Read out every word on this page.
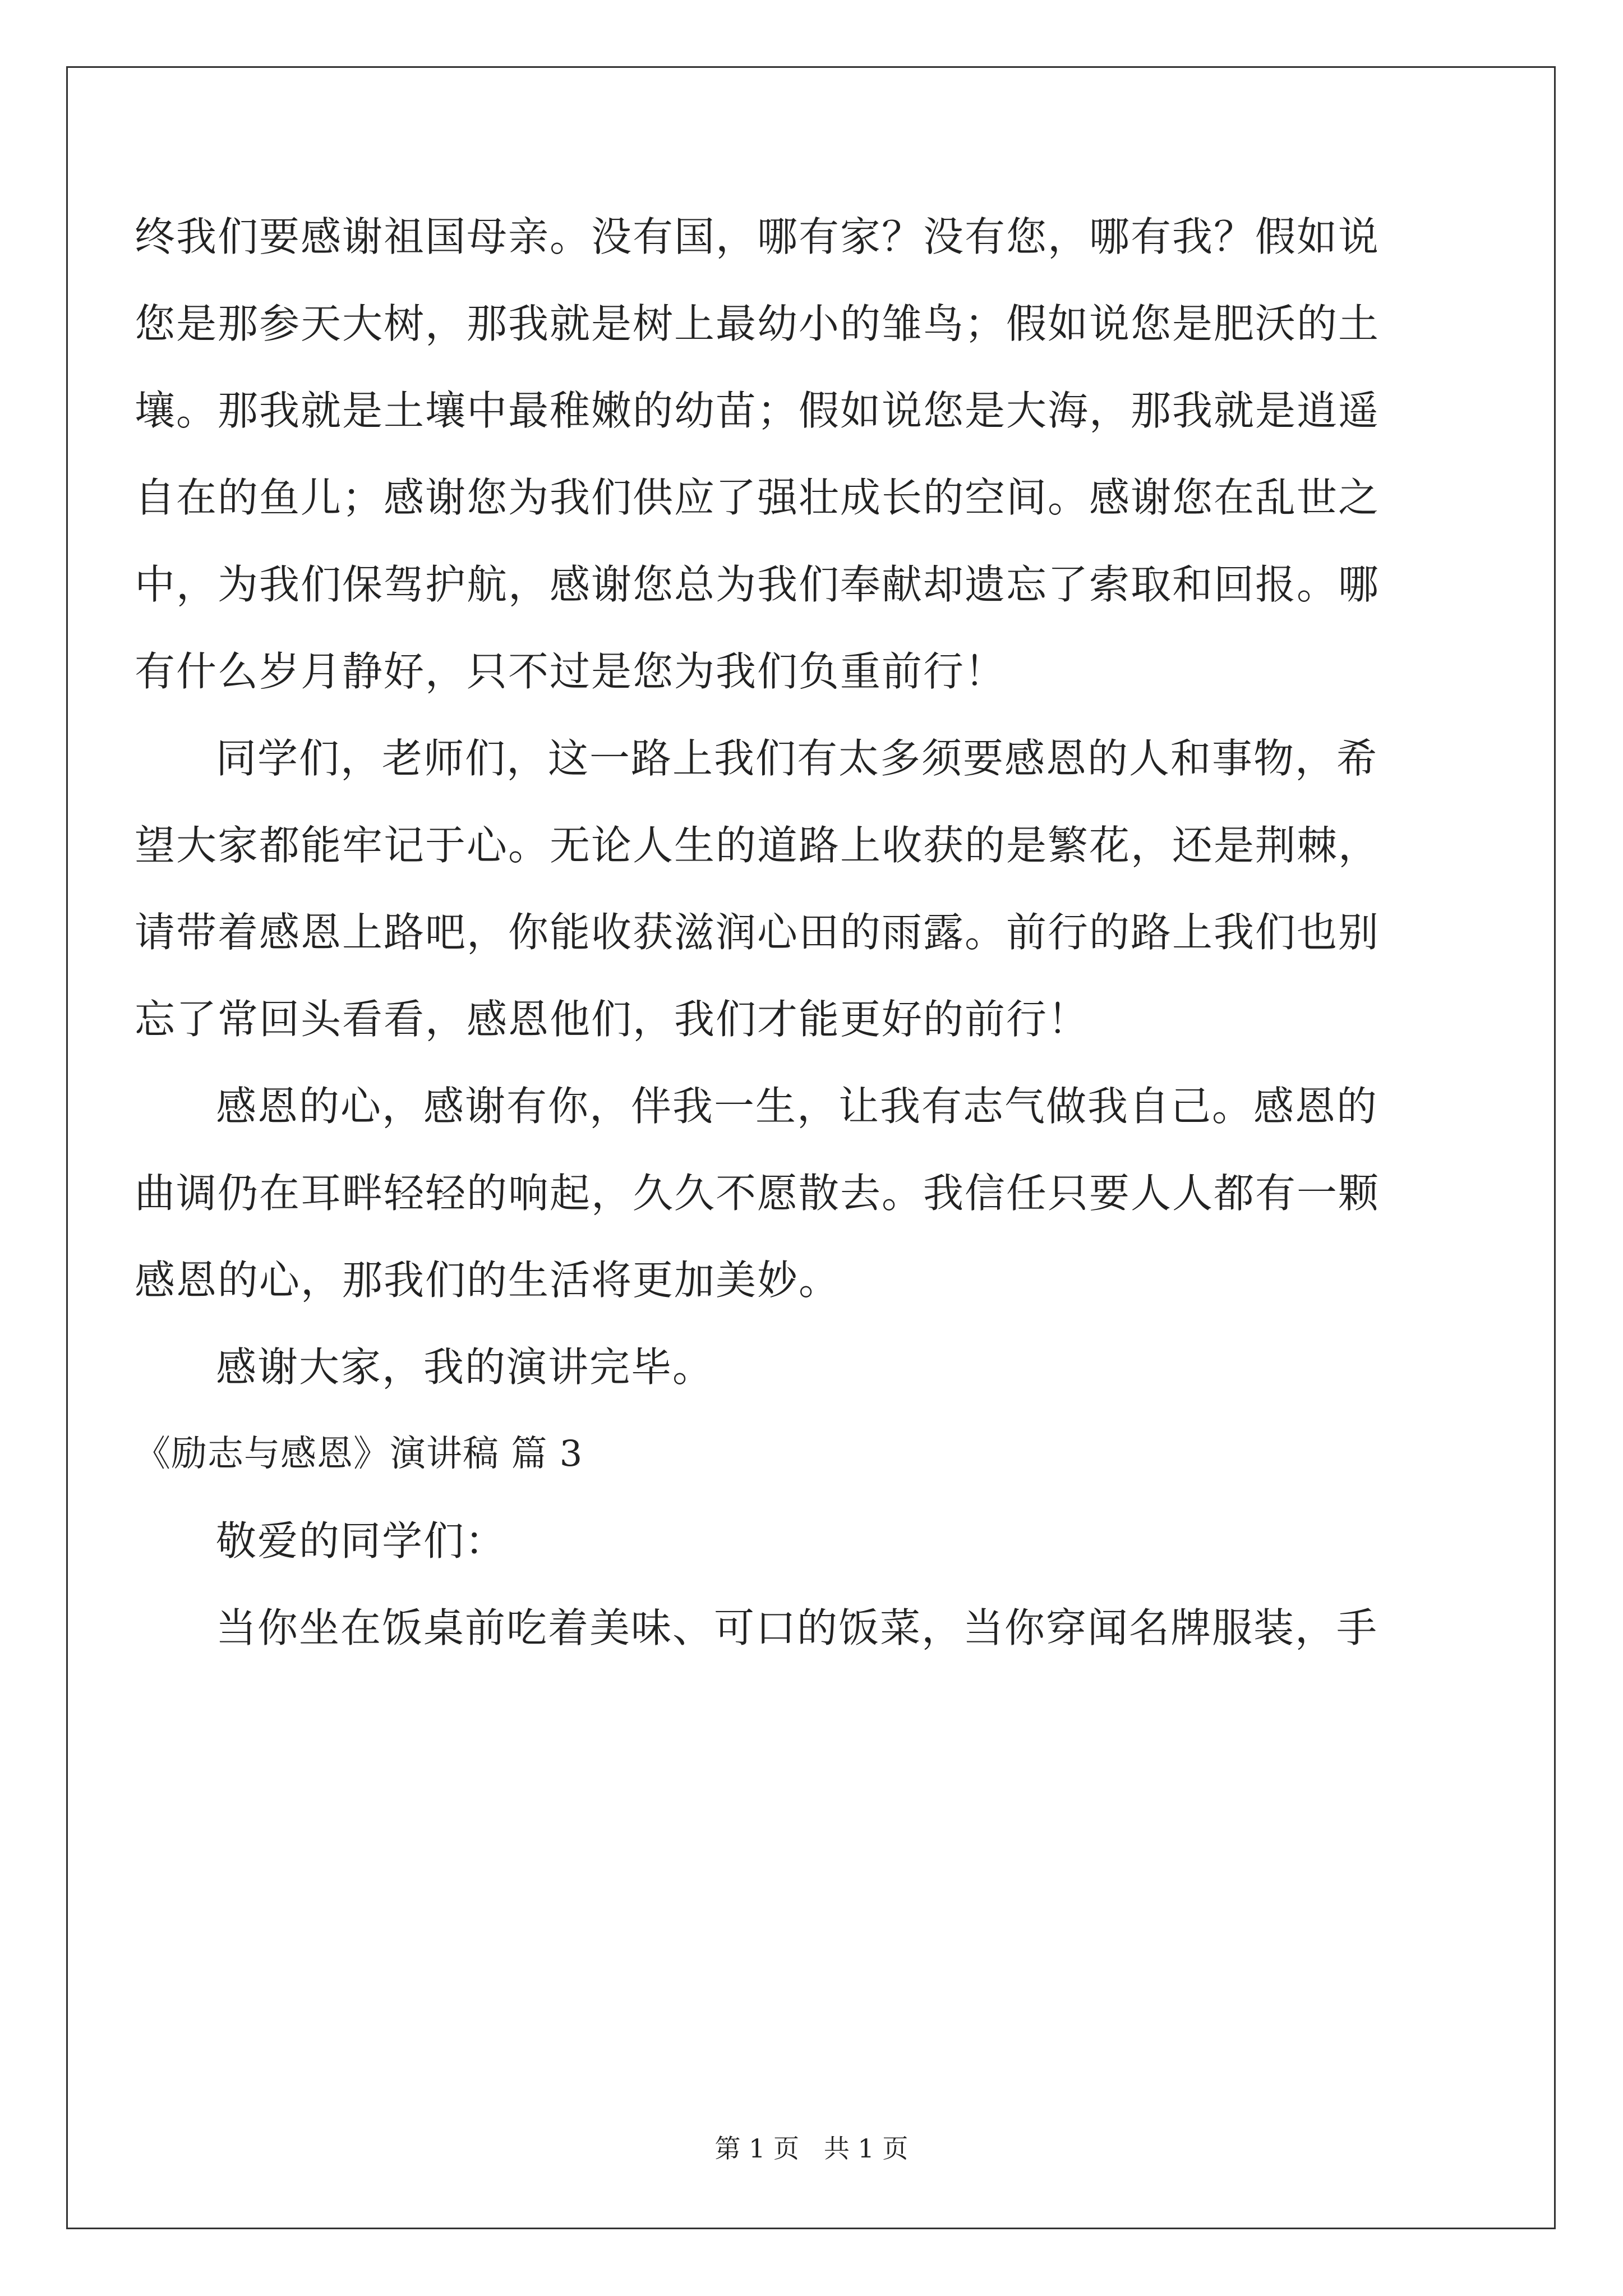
终我们要感谢祖国母亲。没有国，哪有家？没有您，哪有我？假如说
您是那参天大树，那我就是树上最幼小的雏鸟；假如说您是肥沃的土
壤。那我就是土壤中最稚嫩的幼苗；假如说您是大海，那我就是逍遥
自在的鱼儿；感谢您为我们供应了强壮成长的空间。感谢您在乱世之
中，为我们保驾护航，感谢您总为我们奉献却遗忘了索取和回报。哪
有什么岁月静好，只不过是您为我们负重前行！
同学们，老师们，这一路上我们有太多须要感恩的人和事物，希
望大家都能牢记于心。无论人生的道路上收获的是繁花，还是荆棘，
请带着感恩上路吧，你能收获滋润心田的雨露。前行的路上我们也别
忘了常回头看看，感恩他们，我们才能更好的前行！
感恩的心，感谢有你，伴我一生，让我有志气做我自己。感恩的
曲调仍在耳畔轻轻的响起，久久不愿散去。我信任只要人人都有一颗
感恩的心，那我们的生活将更加美妙。
感谢大家，我的演讲完毕。
《励志与感恩》演讲稿 篇 3
敬爱的同学们：
当你坐在饭桌前吃着美味、可口的饭菜，当你穿闻名牌服装，手
第 1 页   共 1 页
